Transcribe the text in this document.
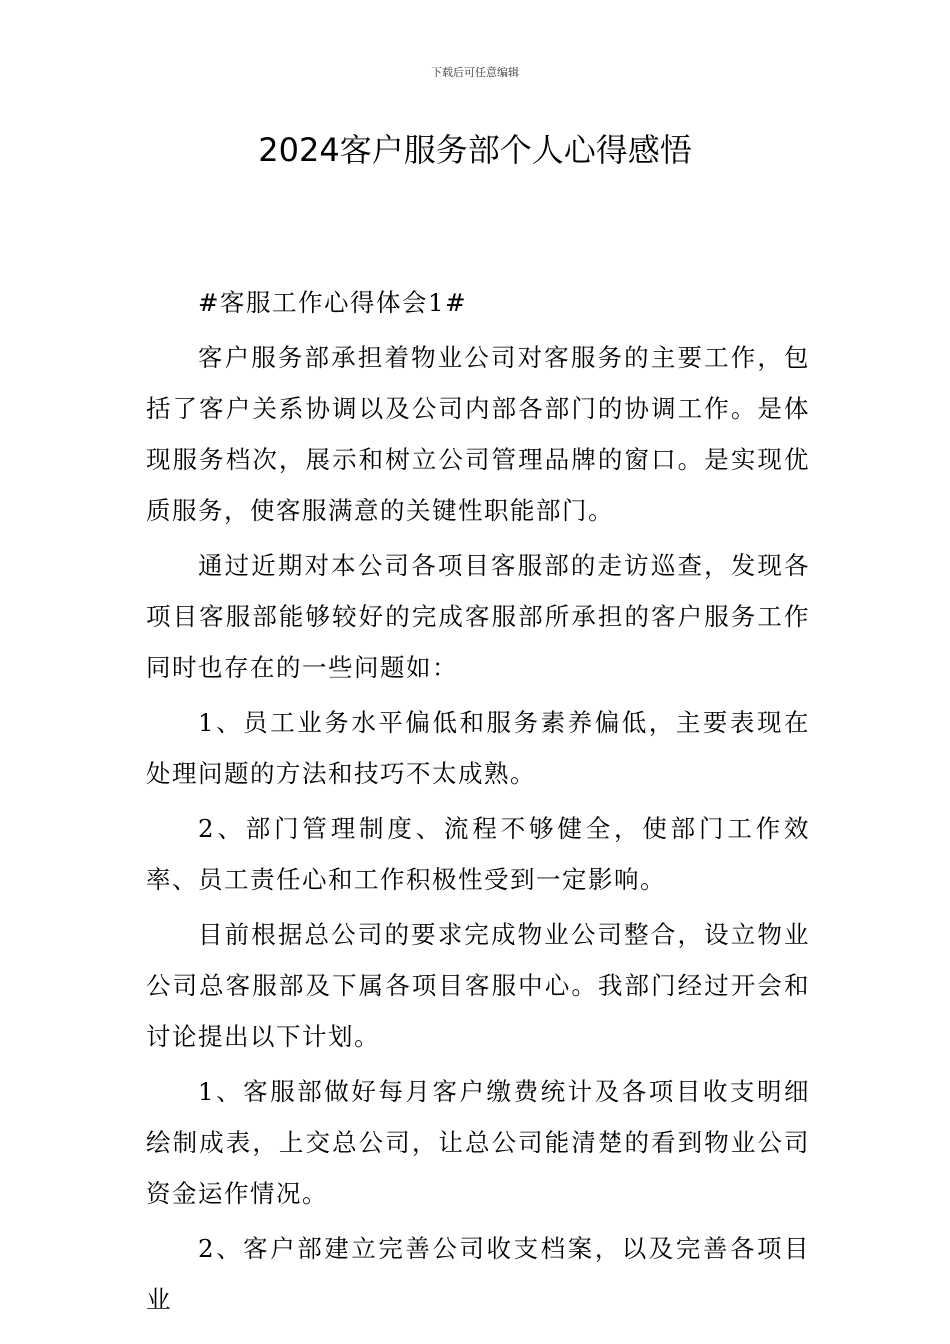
下载后可任意编辑
2024客户服务部个人心得感悟

#客服工作心得体会1#

客户服务部承担着物业公司对客服务的主要工作，包括了客户关系协调以及公司内部各部门的协调工作。是体现服务档次，展示和树立公司管理品牌的窗口。是实现优质服务，使客服满意的关键性职能部门。

通过近期对本公司各项目客服部的走访巡查，发现各项目客服部能够较好的完成客服部所承担的客户服务工作同时也存在的一些问题如：

1、员工业务水平偏低和服务素养偏低，主要表现在处理问题的方法和技巧不太成熟。

2、部门管理制度、流程不够健全，使部门工作效率、员工责任心和工作积极性受到一定影响。

目前根据总公司的要求完成物业公司整合，设立物业公司总客服部及下属各项目客服中心。我部门经过开会和讨论提出以下计划。

1、客服部做好每月客户缴费统计及各项目收支明细绘制成表，上交总公司，让总公司能清楚的看到物业公司资金运作情况。

2、客户部建立完善公司收支档案，以及完善各项目业
